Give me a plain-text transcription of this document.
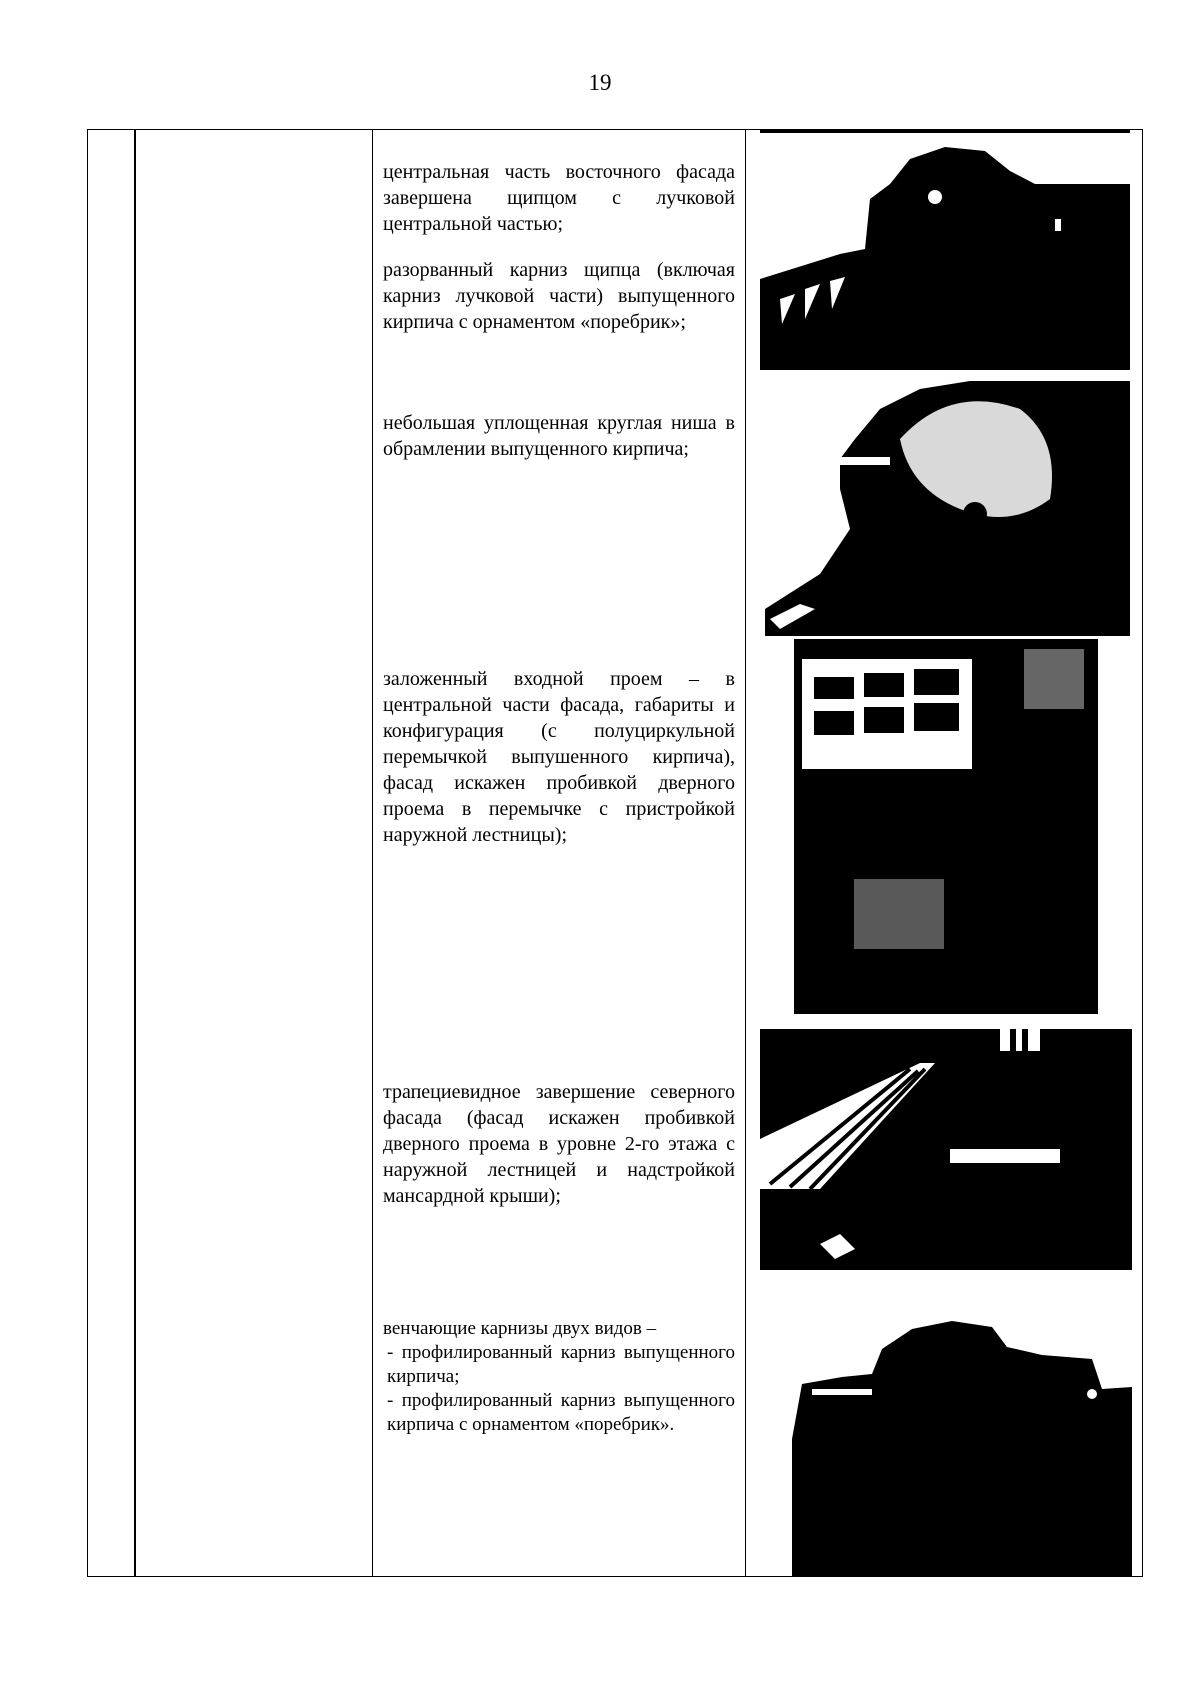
19

центральная часть восточного фасада завершена щипцом с лучковой центральной частью;

разорванный карниз щипца (включая карниз лучковой части) выпущенного кирпича с орнаментом «поребрик»;

небольшая уплощенная круглая ниша в обрамлении выпущенного кирпича;

заложенный входной проем – в центральной части фасада, габариты и конфигурация (с полуциркульной перемычкой выпушенного кирпича), фасад искажен пробивкой дверного проема в перемычке с пристройкой наружной лестницы);

трапециевидное завершение северного фасада (фасад искажен пробивкой дверного проема в уровне 2-го этажа с наружной лестницей и надстройкой мансардной крыши);

венчающие карнизы двух видов –
- профилированный карниз выпущенного кирпича;
- профилированный карниз выпущенного кирпича с орнаментом «поребрик».
